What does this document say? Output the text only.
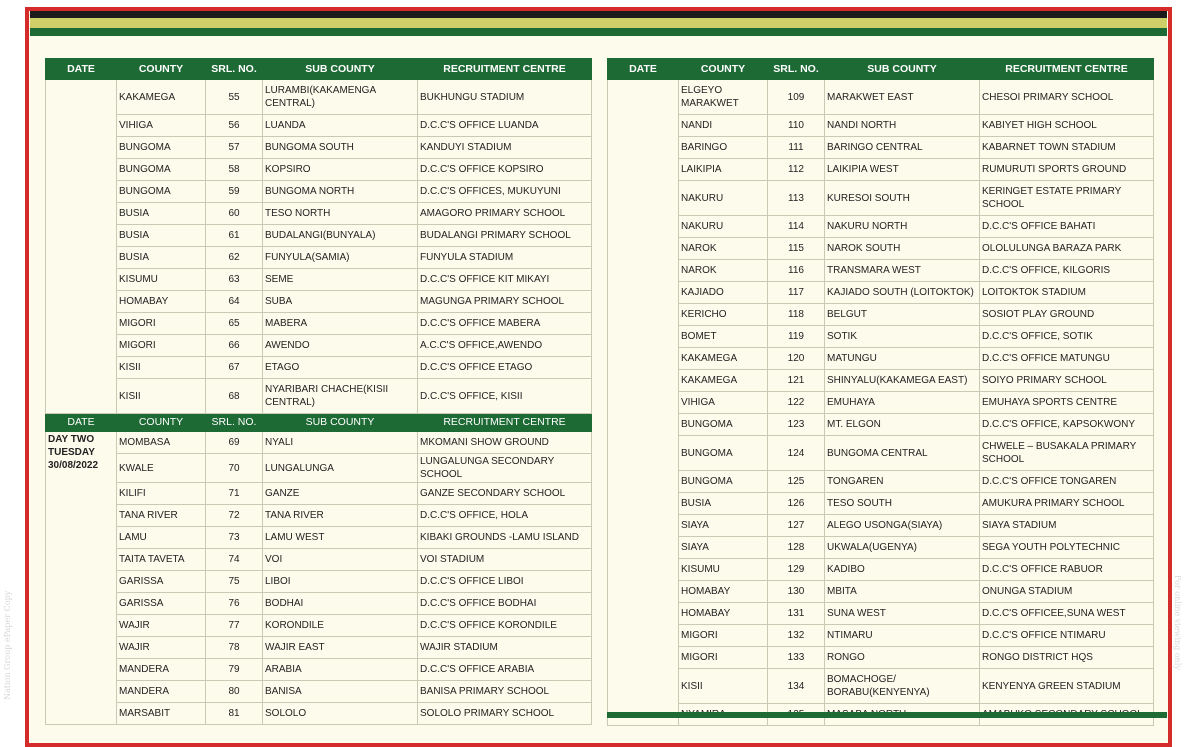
Nation Group ePaper Copy	For online viewing only
DATE	COUNTY	SRL. NO.	SUB COUNTY	RECRUITMENT CENTRE
	KAKAMEGA	55	LURAMBI(KAKAMENGA CENTRAL)	BUKHUNGU STADIUM
	VIHIGA	56	LUANDA	D.C.C'S OFFICE LUANDA
	BUNGOMA	57	BUNGOMA SOUTH	KANDUYI STADIUM
	BUNGOMA	58	KOPSIRO	D.C.C'S OFFICE KOPSIRO
	BUNGOMA	59	BUNGOMA NORTH	D.C.C'S OFFICES, MUKUYUNI
	BUSIA	60	TESO NORTH	AMAGORO PRIMARY SCHOOL
	BUSIA	61	BUDALANGI(BUNYALA)	BUDALANGI PRIMARY SCHOOL
	BUSIA	62	FUNYULA(SAMIA)	FUNYULA STADIUM
	KISUMU	63	SEME	D.C.C'S OFFICE KIT MIKAYI
	HOMABAY	64	SUBA	MAGUNGA PRIMARY SCHOOL
	MIGORI	65	MABERA	D.C.C'S OFFICE MABERA
	MIGORI	66	AWENDO	A.C.C'S OFFICE,AWENDO
	KISII	67	ETAGO	D.C.C'S OFFICE ETAGO
	KISII	68	NYARIBARI CHACHE(KISII CENTRAL)	D.C.C'S OFFICE, KISII
DATE	COUNTY	SRL. NO.	SUB COUNTY	RECRUITMENT CENTRE
DAY TWO
TUESDAY
30/08/2022	MOMBASA	69	NYALI	MKOMANI SHOW GROUND
	KWALE	70	LUNGALUNGA	LUNGALUNGA SECONDARY SCHOOL
	KILIFI	71	GANZE	GANZE SECONDARY SCHOOL
	TANA RIVER	72	TANA RIVER	D.C.C'S OFFICE, HOLA
	LAMU	73	LAMU WEST	KIBAKI GROUNDS -LAMU ISLAND
	TAITA TAVETA	74	VOI	VOI STADIUM
	GARISSA	75	LIBOI	D.C.C'S OFFICE LIBOI
	GARISSA	76	BODHAI	D.C.C'S OFFICE BODHAI
	WAJIR	77	KORONDILE	D.C.C'S OFFICE KORONDILE
	WAJIR	78	WAJIR EAST	WAJIR STADIUM
	MANDERA	79	ARABIA	D.C.C'S OFFICE ARABIA
	MANDERA	80	BANISA	BANISA PRIMARY SCHOOL
	MARSABIT	81	SOLOLO	SOLOLO PRIMARY SCHOOL
DATE	COUNTY	SRL. NO.	SUB COUNTY	RECRUITMENT CENTRE
	ELGEYO MARAKWET	109	MARAKWET EAST	CHESOI PRIMARY SCHOOL
	NANDI	110	NANDI NORTH	KABIYET HIGH SCHOOL
	BARINGO	111	BARINGO CENTRAL	KABARNET TOWN STADIUM
	LAIKIPIA	112	LAIKIPIA WEST	RUMURUTI SPORTS GROUND
	NAKURU	113	KURESOI SOUTH	KERINGET ESTATE PRIMARY SCHOOL
	NAKURU	114	NAKURU NORTH	D.C.C'S OFFICE BAHATI
	NAROK	115	NAROK SOUTH	OLOLULUNGA BARAZA PARK
	NAROK	116	TRANSMARA WEST	D.C.C'S OFFICE, KILGORIS
	KAJIADO	117	KAJIADO SOUTH (LOITOKTOK)	LOITOKTOK STADIUM
	KERICHO	118	BELGUT	SOSIOT PLAY GROUND
	BOMET	119	SOTIK	D.C.C'S OFFICE, SOTIK
	KAKAMEGA	120	MATUNGU	D.C.C'S OFFICE MATUNGU
	KAKAMEGA	121	SHINYALU(KAKAMEGA EAST)	SOIYO PRIMARY SCHOOL
	VIHIGA	122	EMUHAYA	EMUHAYA SPORTS CENTRE
	BUNGOMA	123	MT. ELGON	D.C.C'S OFFICE, KAPSOKWONY
	BUNGOMA	124	BUNGOMA CENTRAL	CHWELE – BUSAKALA PRIMARY SCHOOL
	BUNGOMA	125	TONGAREN	D.C.C'S OFFICE TONGAREN
	BUSIA	126	TESO SOUTH	AMUKURA PRIMARY SCHOOL
	SIAYA	127	ALEGO USONGA(SIAYA)	SIAYA STADIUM
	SIAYA	128	UKWALA(UGENYA)	SEGA YOUTH POLYTECHNIC
	KISUMU	129	KADIBO	D.C.C'S OFFICE RABUOR
	HOMABAY	130	MBITA	ONUNGA STADIUM
	HOMABAY	131	SUNA WEST	D.C.C'S OFFICEE,SUNA WEST
	MIGORI	132	NTIMARU	D.C.C'S OFFICE NTIMARU
	MIGORI	133	RONGO	RONGO DISTRICT HQS
	KISII	134	BOMACHOGE/ BORABU(KENYENYA)	KENYENYA GREEN STADIUM
